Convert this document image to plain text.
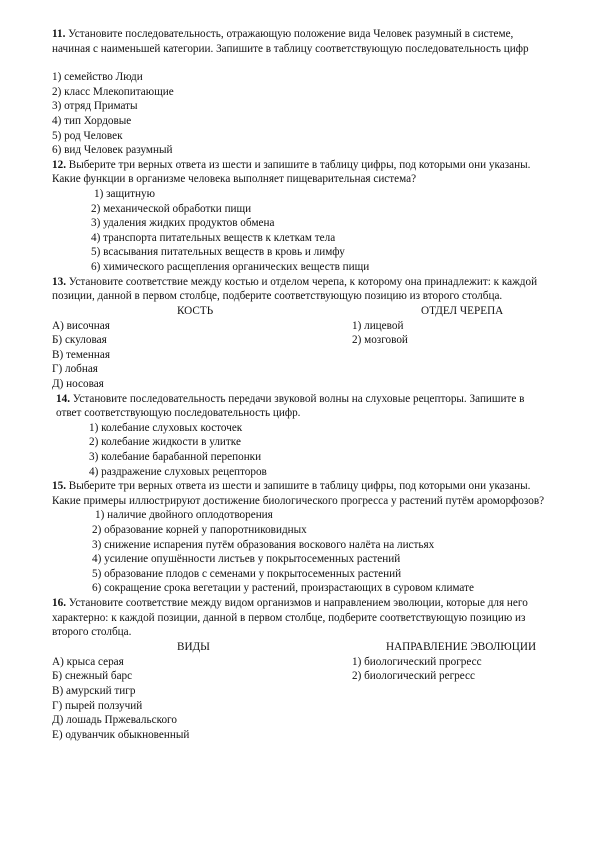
11. Установите последовательность, отражающую положение вида Человек разумный в системе, начиная с наименьшей категории. Запишите в таблицу соответствующую последовательность цифр

1) семейство Люди
2) класс Млекопитающие
3) отряд Приматы
4) тип Хордовые
5) род Человек
6) вид Человек разумный

12. Выберите три верных ответа из шести и запишите в таблицу цифры, под которыми они указаны. Какие функции в организме человека выполняет пищеварительная система?

1) защитную
2) механической обработки пищи
3) удаления жидких продуктов обмена
4) транспорта питательных веществ к клеткам тела
5) всасывания питательных веществ в кровь и лимфу
6) химического расщепления органических веществ пищи

13. Установите соответствие между костью и отделом черепа, к которому она принадлежит: к каждой позиции, данной в первом столбце, подберите соответствующую позицию из второго столбца.

КОСТЬ	ОТДЕЛ ЧЕРЕПА
А) височная
Б) скуловая
В) теменная
Г) лобная
Д) носовая
1) лицевой
2) мозговой

14. Установите последовательность передачи звуковой волны на слуховые рецепторы. Запишите в ответ соответствующую последовательность цифр.

1) колебание слуховых косточек
2) колебание жидкости в улитке
3) колебание барабанной перепонки
4) раздражение слуховых рецепторов

15. Выберите три верных ответа из шести и запишите в таблицу цифры, под которыми они указаны. Какие примеры иллюстрируют достижение биологического прогресса у растений путём ароморфозов?

1) наличие двойного оплодотворения
2) образование корней у папоротниковидных
3) снижение испарения путём образования воскового налёта на листьях
4) усиление опушённости листьев у покрытосеменных растений
5) образование плодов с семенами у покрытосеменных растений
6) сокращение срока вегетации у растений, произрастающих в суровом климате

16. Установите соответствие между видом организмов и направлением эволюции, которые для него характерно: к каждой позиции, данной в первом столбце, подберите соответствующую позицию из второго столбца.

ВИДЫ	НАПРАВЛЕНИЕ ЭВОЛЮЦИИ
А) крыса серая
Б) снежный барс
В) амурский тигр
Г) пырей ползучий
Д) лошадь Пржевальского
Е) одуванчик обыкновенный
1) биологический прогресс
2) биологический регресс
